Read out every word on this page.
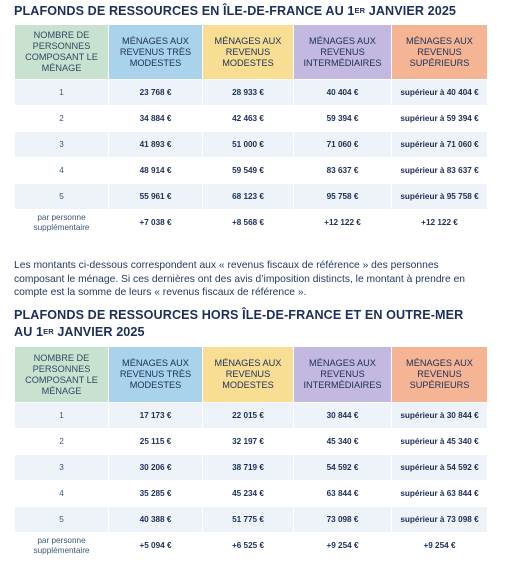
PLAFONDS DE RESSOURCES EN ÎLE-DE-FRANCE AU 1ER JANVIER 2025
NOMBRE DE PERSONNES COMPOSANT LE MÉNAGE	MÉNAGES AUX REVENUS TRÈS MODESTES	MÉNAGES AUX REVENUS MODESTES	MÉNAGES AUX REVENUS INTERMÉDIAIRES	MÉNAGES AUX REVENUS SUPÉRIEURS
1	23 768 €	28 933 €	40 404 €	supérieur à 40 404 €
2	34 884 €	42 463 €	59 394 €	supérieur à 59 394 €
3	41 893 €	51 000 €	71 060 €	supérieur à 71 060 €
4	48 914 €	59 549 €	83 637 €	supérieur à 83 637 €
5	55 961 €	68 123 €	95 758 €	supérieur à 95 758 €
par personne supplémentaire	+7 038 €	+8 568 €	+12 122 €	+12 122 €

Les montants ci-dessous correspondent aux « revenus fiscaux de référence » des personnes composant le ménage. Si ces dernières ont des avis d’imposition distincts, le montant à prendre en compte est la somme de leurs « revenus fiscaux de référence ».

PLAFONDS DE RESSOURCES HORS ÎLE-DE-FRANCE ET EN OUTRE-MER AU 1ER JANVIER 2025
NOMBRE DE PERSONNES COMPOSANT LE MÉNAGE	MÉNAGES AUX REVENUS TRÈS MODESTES	MÉNAGES AUX REVENUS MODESTES	MÉNAGES AUX REVENUS INTERMÉDIAIRES	MÉNAGES AUX REVENUS SUPÉRIEURS
1	17 173 €	22 015 €	30 844 €	supérieur à 30 844 €
2	25 115 €	32 197 €	45 340 €	supérieur à 45 340 €
3	30 206 €	38 719 €	54 592 €	supérieur à 54 592 €
4	35 285 €	45 234 €	63 844 €	supérieur à 63 844 €
5	40 388 €	51 775 €	73 098 €	supérieur à 73 098 €
par personne supplémentaire	+5 094 €	+6 525 €	+9 254 €	+9 254 €
